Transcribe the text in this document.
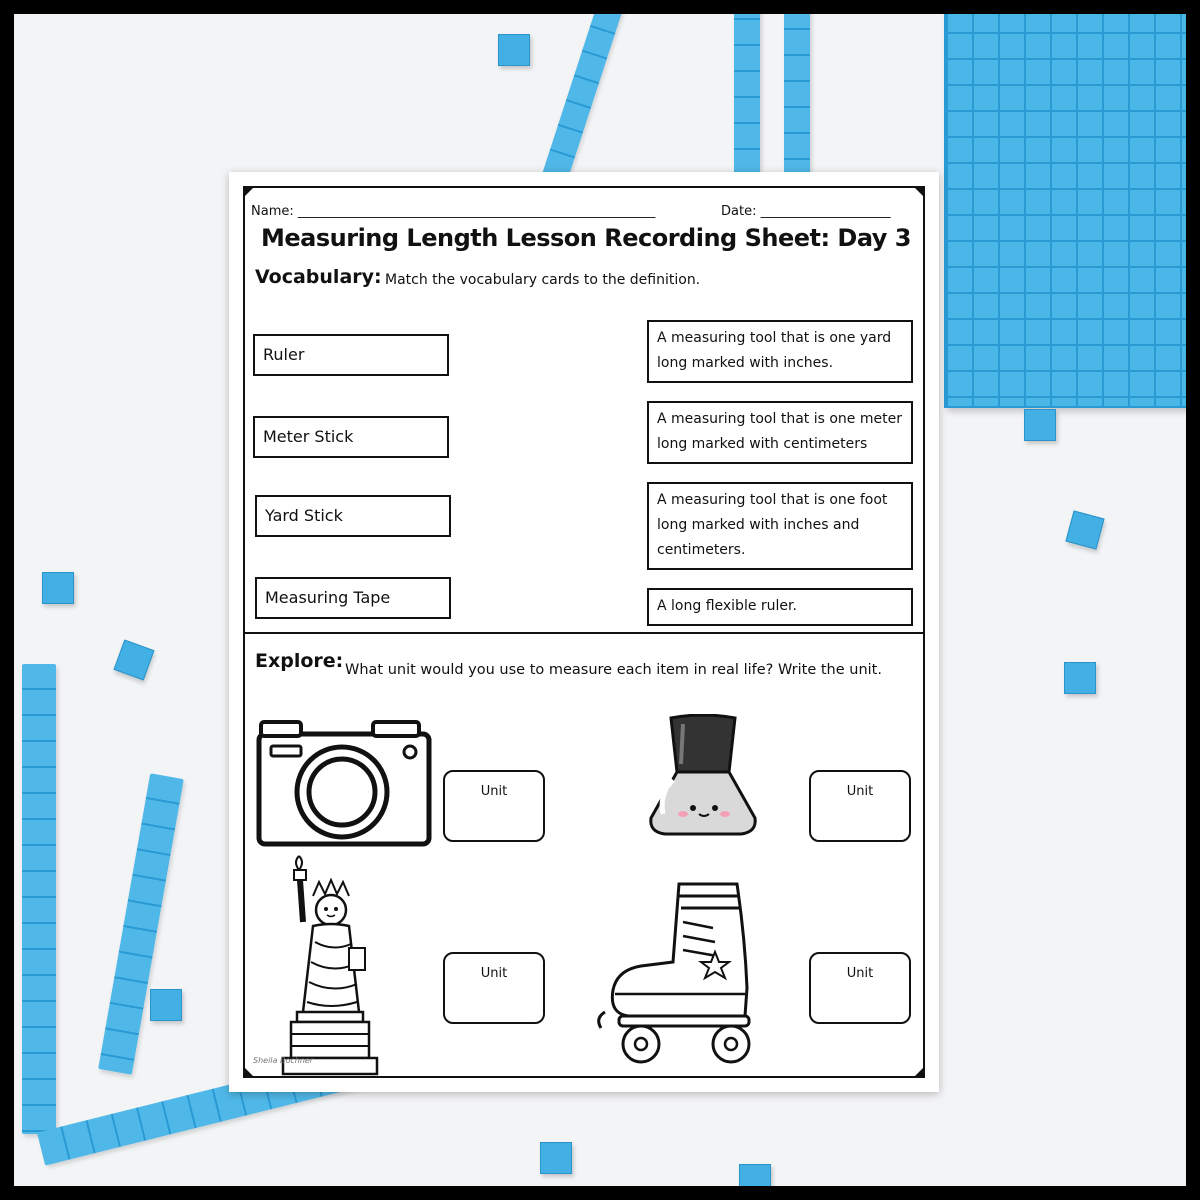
Name: _______________________________________________________	Date: ____________________
Measuring Length Lesson Recording Sheet: Day 3
Vocabulary: Match the vocabulary cards to the definition.
Ruler
Meter Stick
Yard Stick
Measuring Tape
A measuring tool that is one yard long marked with inches.
A measuring tool that is one meter long marked with centimeters
A measuring tool that is one foot long marked with inches and centimeters.
A long flexible ruler.
What unit would you use to measure each item in real life? Write the unit.
Explore:
Unit	Unit
Unit	Unit
Sheila Bochner
